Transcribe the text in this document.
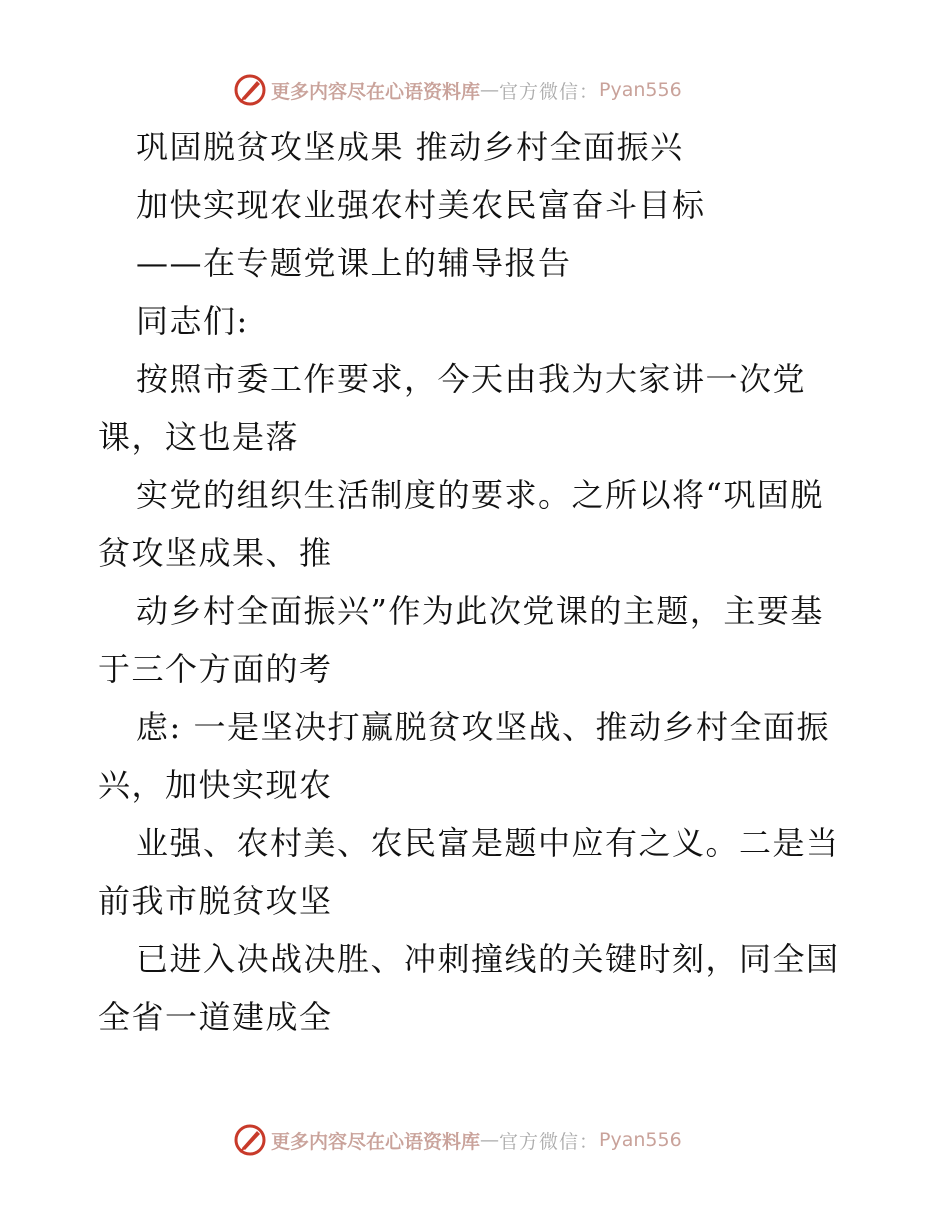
更多内容尽在心语资料库 — 官方微信： Pyan556
巩固脱贫攻坚成果 推动乡村全面振兴
加快实现农业强农村美农民富奋斗目标
——在专题党课上的辅导报告
同志们:
按照市委工作要求，今天由我为大家讲一次党
课，这也是落
实党的组织生活制度的要求。之所以将“巩固脱
贫攻坚成果、推
动乡村全面振兴”作为此次党课的主题，主要基
于三个方面的考
虑: 一是坚决打赢脱贫攻坚战、推动乡村全面振
兴，加快实现农
业强、农村美、农民富是题中应有之义。二是当
前我市脱贫攻坚
已进入决战决胜、冲刺撞线的关键时刻，同全国
全省一道建成全
更多内容尽在心语资料库 — 官方微信： Pyan556
